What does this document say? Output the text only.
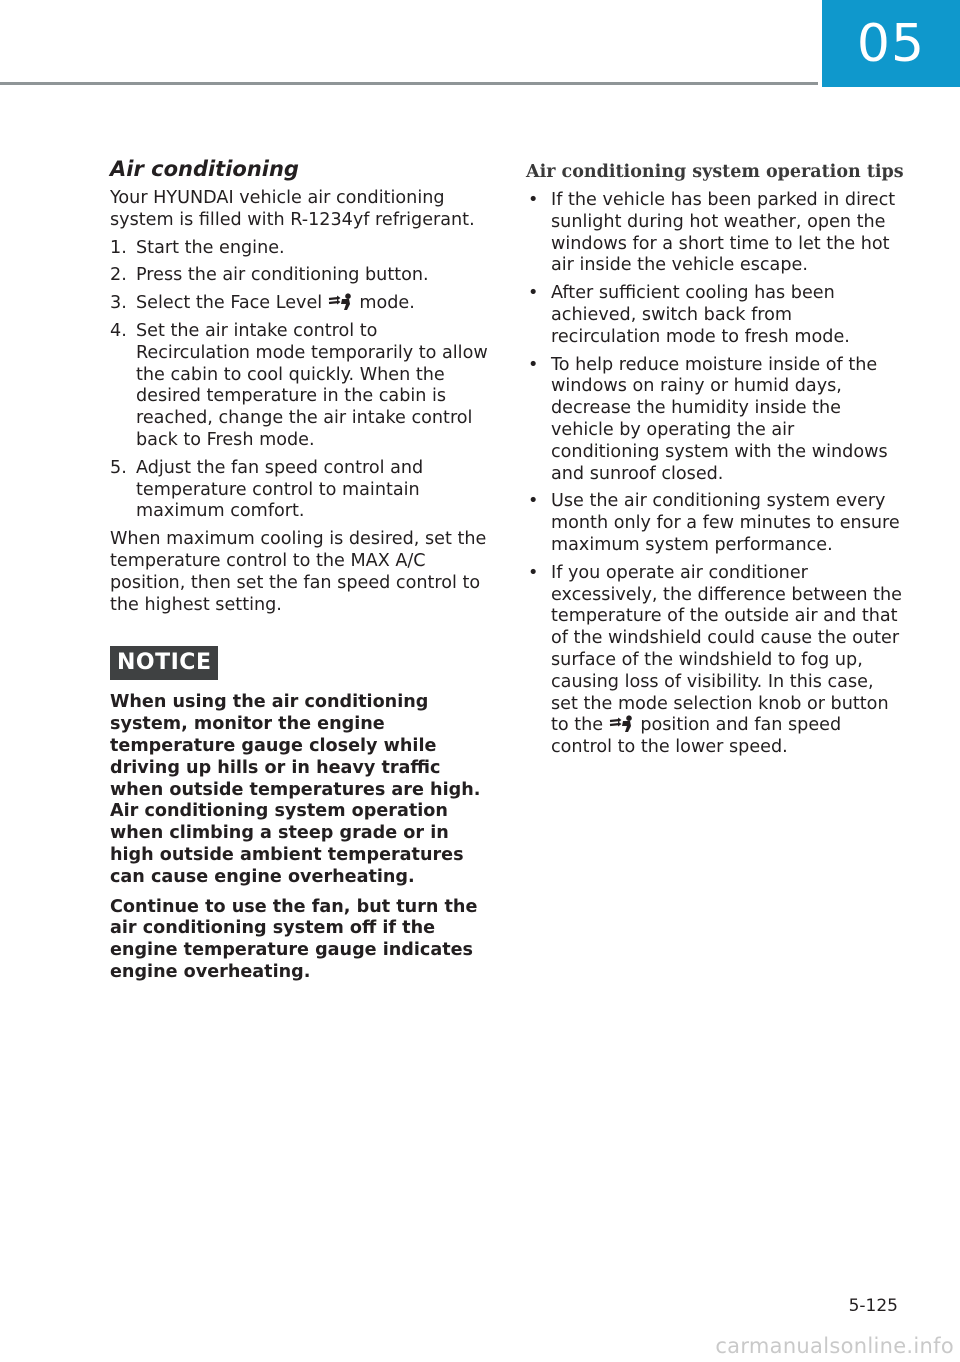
05
Air conditioning

Your HYUNDAI vehicle air conditioning system is filled with R-1234yf refrigerant.

1. Start the engine.
2. Press the air conditioning button.
3. Select the Face Level mode.
4. Set the air intake control to Recirculation mode temporarily to allow the cabin to cool quickly. When the desired temperature in the cabin is reached, change the air intake control back to Fresh mode.
5. Adjust the fan speed control and temperature control to maintain maximum comfort.

When maximum cooling is desired, set the temperature control to the MAX A/C position, then set the fan speed control to the highest setting.

NOTICE

When using the air conditioning system, monitor the engine temperature gauge closely while driving up hills or in heavy traffic when outside temperatures are high. Air conditioning system operation when climbing a steep grade or in high outside ambient temperatures can cause engine overheating.

Continue to use the fan, but turn the air conditioning system off if the engine temperature gauge indicates engine overheating.

Air conditioning system operation tips
• If the vehicle has been parked in direct sunlight during hot weather, open the windows for a short time to let the hot air inside the vehicle escape.
• After sufficient cooling has been achieved, switch back from recirculation mode to fresh mode.
• To help reduce moisture inside of the windows on rainy or humid days, decrease the humidity inside the vehicle by operating the air conditioning system with the windows and sunroof closed.
• Use the air conditioning system every month only for a few minutes to ensure maximum system performance.
• If you operate air conditioner excessively, the difference between the temperature of the outside air and that of the windshield could cause the outer surface of the windshield to fog up, causing loss of visibility. In this case, set the mode selection knob or button to the position and fan speed control to the lower speed.
5-125
carmanualsonline.info
